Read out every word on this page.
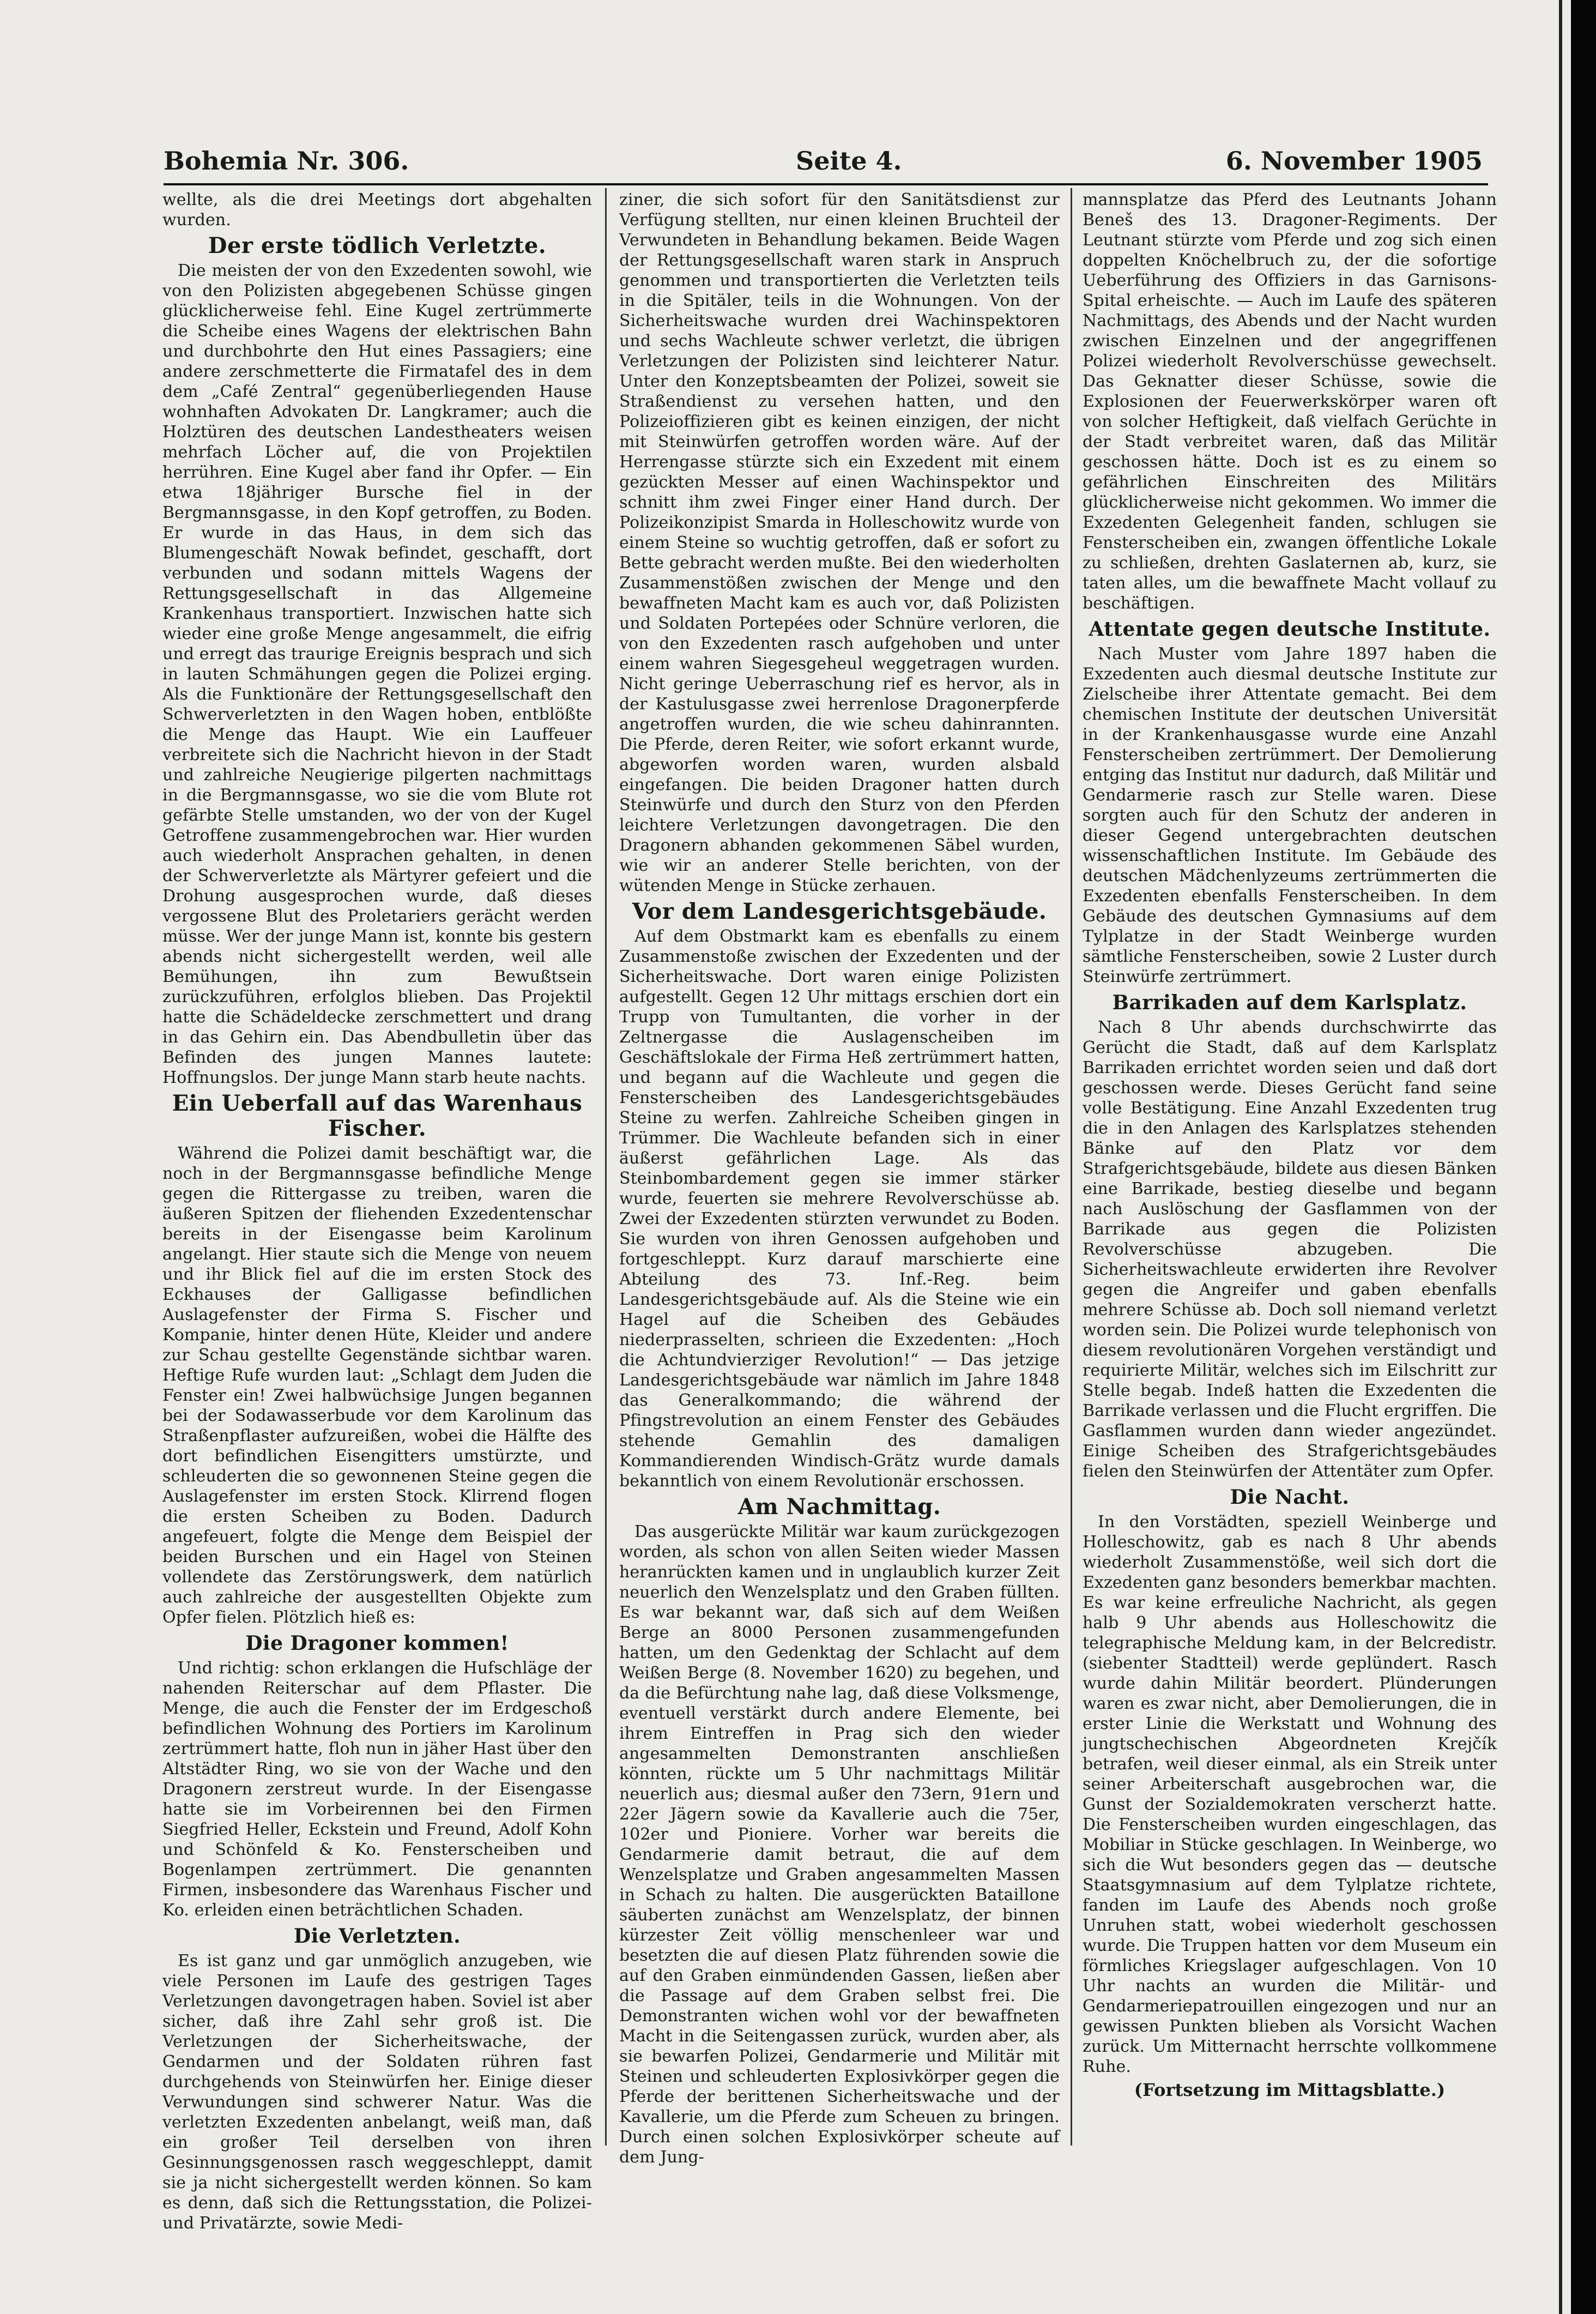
Bohemia Nr. 306.	Seite 4.	6. November 1905

wellte, als die drei Meetings dort abgehalten wurden.

Der erste tödlich Verletzte.

Die meisten der von den Exzedenten sowohl, wie von den Polizisten abgegebenen Schüsse gingen glücklicherweise fehl. Eine Kugel zertrümmerte die Scheibe eines Wagens der elektrischen Bahn und durchbohrte den Hut eines Passagiers; eine andere zerschmetterte die Firmatafel des in dem dem „Café Zentral“ gegenüberliegenden Hause wohnhaften Advokaten Dr. Langkramer; auch die Holztüren des deutschen Landestheaters weisen mehrfach Löcher auf, die von Projektilen herrühren. Eine Kugel aber fand ihr Opfer. — Ein etwa 18jähriger Bursche fiel in der Bergmannsgasse, in den Kopf getroffen, zu Boden. Er wurde in das Haus, in dem sich das Blumengeschäft Nowak befindet, geschafft, dort verbunden und sodann mittels Wagens der Rettungsgesellschaft in das Allgemeine Krankenhaus transportiert. Inzwischen hatte sich wieder eine große Menge angesammelt, die eifrig und erregt das traurige Ereignis besprach und sich in lauten Schmähungen gegen die Polizei erging. Als die Funktionäre der Rettungsgesellschaft den Schwerverletzten in den Wagen hoben, entblößte die Menge das Haupt. Wie ein Lauffeuer verbreitete sich die Nachricht hievon in der Stadt und zahlreiche Neugierige pilgerten nachmittags in die Bergmannsgasse, wo sie die vom Blute rot gefärbte Stelle umstanden, wo der von der Kugel Getroffene zusammengebrochen war. Hier wurden auch wiederholt Ansprachen gehalten, in denen der Schwerverletzte als Märtyrer gefeiert und die Drohung ausgesprochen wurde, daß dieses vergossene Blut des Proletariers gerächt werden müsse. Wer der junge Mann ist, konnte bis gestern abends nicht sichergestellt werden, weil alle Bemühungen, ihn zum Bewußtsein zurückzuführen, erfolglos blieben. Das Projektil hatte die Schädeldecke zerschmettert und drang in das Gehirn ein. Das Abendbulletin über das Befinden des jungen Mannes lautete: Hoffnungslos. Der junge Mann starb heute nachts.

Ein Ueberfall auf das Warenhaus Fischer.

Während die Polizei damit beschäftigt war, die noch in der Bergmannsgasse befindliche Menge gegen die Rittergasse zu treiben, waren die äußeren Spitzen der fliehenden Exzedentenschar bereits in der Eisengasse beim Karolinum angelangt. Hier staute sich die Menge von neuem und ihr Blick fiel auf die im ersten Stock des Eckhauses der Galligasse befindlichen Auslagefenster der Firma S. Fischer und Kompanie, hinter denen Hüte, Kleider und andere zur Schau gestellte Gegenstände sichtbar waren. Heftige Rufe wurden laut: „Schlagt dem Juden die Fenster ein! Zwei halbwüchsige Jungen begannen bei der Sodawasserbude vor dem Karolinum das Straßenpflaster aufzureißen, wobei die Hälfte des dort befindlichen Eisengitters umstürzte, und schleuderten die so gewonnenen Steine gegen die Auslagefenster im ersten Stock. Klirrend flogen die ersten Scheiben zu Boden. Dadurch angefeuert, folgte die Menge dem Beispiel der beiden Burschen und ein Hagel von Steinen vollendete das Zerstörungswerk, dem natürlich auch zahlreiche der ausgestellten Objekte zum Opfer fielen. Plötzlich hieß es:

Die Dragoner kommen!

Und richtig: schon erklangen die Hufschläge der nahenden Reiterschar auf dem Pflaster. Die Menge, die auch die Fenster der im Erdgeschoß befindlichen Wohnung des Portiers im Karolinum zertrümmert hatte, floh nun in jäher Hast über den Altstädter Ring, wo sie von der Wache und den Dragonern zerstreut wurde. In der Eisengasse hatte sie im Vorbeirennen bei den Firmen Siegfried Heller, Eckstein und Freund, Adolf Kohn und Schönfeld & Ko. Fensterscheiben und Bogenlampen zertrümmert. Die genannten Firmen, insbesondere das Warenhaus Fischer und Ko. erleiden einen beträchtlichen Schaden.

Die Verletzten.

Es ist ganz und gar unmöglich anzugeben, wie viele Personen im Laufe des gestrigen Tages Verletzungen davongetragen haben. Soviel ist aber sicher, daß ihre Zahl sehr groß ist. Die Verletzungen der Sicherheitswache, der Gendarmen und der Soldaten rühren fast durchgehends von Steinwürfen her. Einige dieser Verwundungen sind schwerer Natur. Was die verletzten Exzedenten anbelangt, weiß man, daß ein großer Teil derselben von ihren Gesinnungsgenossen rasch weggeschleppt, damit sie ja nicht sichergestellt werden können. So kam es denn, daß sich die Rettungsstation, die Polizei- und Privatärzte, sowie Medi-

ziner, die sich sofort für den Sanitätsdienst zur Verfügung stellten, nur einen kleinen Bruchteil der Verwundeten in Behandlung bekamen. Beide Wagen der Rettungsgesellschaft waren stark in Anspruch genommen und transportierten die Verletzten teils in die Spitäler, teils in die Wohnungen. Von der Sicherheitswache wurden drei Wachinspektoren und sechs Wachleute schwer verletzt, die übrigen Verletzungen der Polizisten sind leichterer Natur. Unter den Konzeptsbeamten der Polizei, soweit sie Straßendienst zu versehen hatten, und den Polizeioffizieren gibt es keinen einzigen, der nicht mit Steinwürfen getroffen worden wäre. Auf der Herrengasse stürzte sich ein Exzedent mit einem gezückten Messer auf einen Wachinspektor und schnitt ihm zwei Finger einer Hand durch. Der Polizeikonzipist Smarda in Holleschowitz wurde von einem Steine so wuchtig getroffen, daß er sofort zu Bette gebracht werden mußte. Bei den wiederholten Zusammenstößen zwischen der Menge und den bewaffneten Macht kam es auch vor, daß Polizisten und Soldaten Portepées oder Schnüre verloren, die von den Exzedenten rasch aufgehoben und unter einem wahren Siegesgeheul weggetragen wurden. Nicht geringe Ueberraschung rief es hervor, als in der Kastulusgasse zwei herrenlose Dragonerpferde angetroffen wurden, die wie scheu dahinrannten. Die Pferde, deren Reiter, wie sofort erkannt wurde, abgeworfen worden waren, wurden alsbald eingefangen. Die beiden Dragoner hatten durch Steinwürfe und durch den Sturz von den Pferden leichtere Verletzungen davongetragen. Die den Dragonern abhanden gekommenen Säbel wurden, wie wir an anderer Stelle berichten, von der wütenden Menge in Stücke zerhauen.

Vor dem Landesgerichtsgebäude.

Auf dem Obstmarkt kam es ebenfalls zu einem Zusammenstoße zwischen der Exzedenten und der Sicherheitswache. Dort waren einige Polizisten aufgestellt. Gegen 12 Uhr mittags erschien dort ein Trupp von Tumultanten, die vorher in der Zeltnergasse die Auslagenscheiben im Geschäftslokale der Firma Heß zertrümmert hatten, und begann auf die Wachleute und gegen die Fensterscheiben des Landesgerichtsgebäudes Steine zu werfen. Zahlreiche Scheiben gingen in Trümmer. Die Wachleute befanden sich in einer äußerst gefährlichen Lage. Als das Steinbombardement gegen sie immer stärker wurde, feuerten sie mehrere Revolverschüsse ab. Zwei der Exzedenten stürzten verwundet zu Boden. Sie wurden von ihren Genossen aufgehoben und fortgeschleppt. Kurz darauf marschierte eine Abteilung des 73. Inf.-Reg. beim Landesgerichtsgebäude auf. Als die Steine wie ein Hagel auf die Scheiben des Gebäudes niederprasselten, schrieen die Exzedenten: „Hoch die Achtundvierziger Revolution!“ — Das jetzige Landesgerichtsgebäude war nämlich im Jahre 1848 das Generalkommando; die während der Pfingstrevolution an einem Fenster des Gebäudes stehende Gemahlin des damaligen Kommandierenden Windisch-Grätz wurde damals bekanntlich von einem Revolutionär erschossen.

Am Nachmittag.

Das ausgerückte Militär war kaum zurückgezogen worden, als schon von allen Seiten wieder Massen heranrückten kamen und in unglaublich kurzer Zeit neuerlich den Wenzelsplatz und den Graben füllten. Es war bekannt war, daß sich auf dem Weißen Berge an 8000 Personen zusammengefunden hatten, um den Gedenktag der Schlacht auf dem Weißen Berge (8. November 1620) zu begehen, und da die Befürchtung nahe lag, daß diese Volksmenge, eventuell verstärkt durch andere Elemente, bei ihrem Eintreffen in Prag sich den wieder angesammelten Demonstranten anschließen könnten, rückte um 5 Uhr nachmittags Militär neuerlich aus; diesmal außer den 73ern, 91ern und 22er Jägern sowie da Kavallerie auch die 75er, 102er und Pioniere. Vorher war bereits die Gendarmerie damit betraut, die auf dem Wenzelsplatze und Graben angesammelten Massen in Schach zu halten. Die ausgerückten Bataillone säuberten zunächst am Wenzelsplatz, der binnen kürzester Zeit völlig menschenleer war und besetzten die auf diesen Platz führenden sowie die auf den Graben einmündenden Gassen, ließen aber die Passage auf dem Graben selbst frei. Die Demonstranten wichen wohl vor der bewaffneten Macht in die Seitengassen zurück, wurden aber, als sie bewarfen Polizei, Gendarmerie und Militär mit Steinen und schleuderten Explosivkörper gegen die Pferde der berittenen Sicherheitswache und der Kavallerie, um die Pferde zum Scheuen zu bringen. Durch einen solchen Explosivkörper scheute auf dem Jung-

mannsplatze das Pferd des Leutnants Johann Beneš des 13. Dragoner-Regiments. Der Leutnant stürzte vom Pferde und zog sich einen doppelten Knöchelbruch zu, der die sofortige Ueberführung des Offiziers in das Garnisons-Spital erheischte. — Auch im Laufe des späteren Nachmittags, des Abends und der Nacht wurden zwischen Einzelnen und der angegriffenen Polizei wiederholt Revolverschüsse gewechselt. Das Geknatter dieser Schüsse, sowie die Explosionen der Feuerwerkskörper waren oft von solcher Heftigkeit, daß vielfach Gerüchte in der Stadt verbreitet waren, daß das Militär geschossen hätte. Doch ist es zu einem so gefährlichen Einschreiten des Militärs glücklicherweise nicht gekommen. Wo immer die Exzedenten Gelegenheit fanden, schlugen sie Fensterscheiben ein, zwangen öffentliche Lokale zu schließen, drehten Gaslaternen ab, kurz, sie taten alles, um die bewaffnete Macht vollauf zu beschäftigen.

Attentate gegen deutsche Institute.

Nach Muster vom Jahre 1897 haben die Exzedenten auch diesmal deutsche Institute zur Zielscheibe ihrer Attentate gemacht. Bei dem chemischen Institute der deutschen Universität in der Krankenhausgasse wurde eine Anzahl Fensterscheiben zertrümmert. Der Demolierung entging das Institut nur dadurch, daß Militär und Gendarmerie rasch zur Stelle waren. Diese sorgten auch für den Schutz der anderen in dieser Gegend untergebrachten deutschen wissenschaftlichen Institute. Im Gebäude des deutschen Mädchenlyzeums zertrümmerten die Exzedenten ebenfalls Fensterscheiben. In dem Gebäude des deutschen Gymnasiums auf dem Tylplatze in der Stadt Weinberge wurden sämtliche Fensterscheiben, sowie 2 Luster durch Steinwürfe zertrümmert.

Barrikaden auf dem Karlsplatz.

Nach 8 Uhr abends durchschwirrte das Gerücht die Stadt, daß auf dem Karlsplatz Barrikaden errichtet worden seien und daß dort geschossen werde. Dieses Gerücht fand seine volle Bestätigung. Eine Anzahl Exzedenten trug die in den Anlagen des Karlsplatzes stehenden Bänke auf den Platz vor dem Strafgerichtsgebäude, bildete aus diesen Bänken eine Barrikade, bestieg dieselbe und begann nach Auslöschung der Gasflammen von der Barrikade aus gegen die Polizisten Revolverschüsse abzugeben. Die Sicherheitswachleute erwiderten ihre Revolver gegen die Angreifer und gaben ebenfalls mehrere Schüsse ab. Doch soll niemand verletzt worden sein. Die Polizei wurde telephonisch von diesem revolutionären Vorgehen verständigt und requirierte Militär, welches sich im Eilschritt zur Stelle begab. Indeß hatten die Exzedenten die Barrikade verlassen und die Flucht ergriffen. Die Gasflammen wurden dann wieder angezündet. Einige Scheiben des Strafgerichtsgebäudes fielen den Steinwürfen der Attentäter zum Opfer.

Die Nacht.

In den Vorstädten, speziell Weinberge und Holleschowitz, gab es nach 8 Uhr abends wiederholt Zusammenstöße, weil sich dort die Exzedenten ganz besonders bemerkbar machten. Es war keine erfreuliche Nachricht, als gegen halb 9 Uhr abends aus Holleschowitz die telegraphische Meldung kam, in der Belcredistr. (siebenter Stadtteil) werde geplündert. Rasch wurde dahin Militär beordert. Plünderungen waren es zwar nicht, aber Demolierungen, die in erster Linie die Werkstatt und Wohnung des jungtschechischen Abgeordneten Krejčík betrafen, weil dieser einmal, als ein Streik unter seiner Arbeiterschaft ausgebrochen war, die Gunst der Sozialdemokraten verscherzt hatte. Die Fensterscheiben wurden eingeschlagen, das Mobiliar in Stücke geschlagen. In Weinberge, wo sich die Wut besonders gegen das — deutsche Staatsgymnasium auf dem Tylplatze richtete, fanden im Laufe des Abends noch große Unruhen statt, wobei wiederholt geschossen wurde. Die Truppen hatten vor dem Museum ein förmliches Kriegslager aufgeschlagen. Von 10 Uhr nachts an wurden die Militär- und Gendarmeriepatrouillen eingezogen und nur an gewissen Punkten blieben als Vorsicht Wachen zurück. Um Mitternacht herrschte vollkommene Ruhe.

(Fortsetzung im Mittagsblatte.)
